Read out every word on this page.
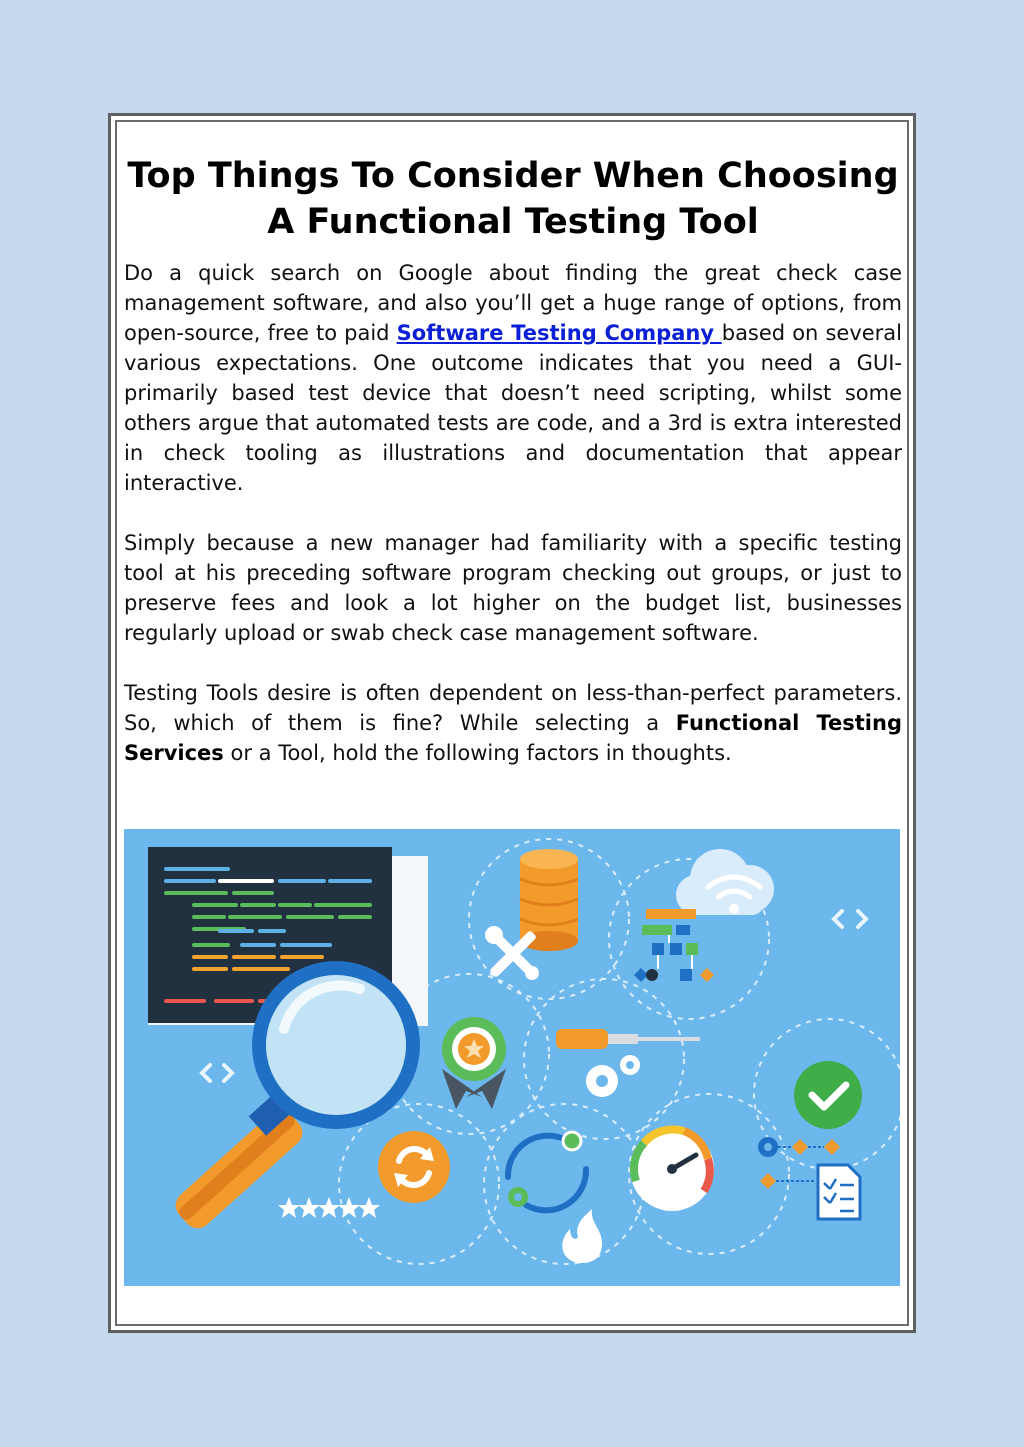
Top Things To Consider When Choosing
A Functional Testing Tool

Do a quick search on Google about finding the great check case management software, and also you’ll get a huge range of options, from open-source, free to paid Software Testing Company based on several various expectations. One outcome indicates that you need a GUI-primarily based test device that doesn’t need scripting, whilst some others argue that automated tests are code, and a 3rd is extra interested in check tooling as illustrations and documentation that appear interactive.

Simply because a new manager had familiarity with a specific testing tool at his preceding software program checking out groups, or just to preserve fees and look a lot higher on the budget list, businesses regularly upload or swab check case management software.

Testing Tools desire is often dependent on less-than-perfect parameters. So, which of them is fine? While selecting a Functional Testing Services or a Tool, hold the following factors in thoughts.
